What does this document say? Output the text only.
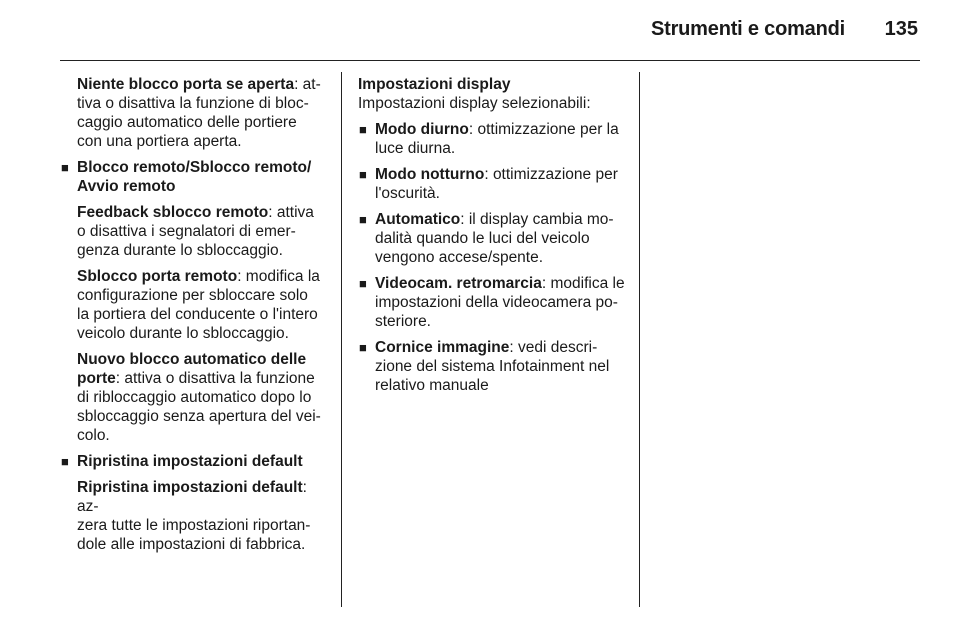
Strumenti e comandi 135
Niente blocco porta se aperta: at-
tiva o disattiva la funzione di bloc-
caggio automatico delle portiere
con una portiera aperta.
■ Blocco remoto/Sblocco remoto/
Avvio remoto
Feedback sblocco remoto: attiva
o disattiva i segnalatori di emer-
genza durante lo sbloccaggio.
Sblocco porta remoto: modifica la
configurazione per sbloccare solo
la portiera del conducente o l'intero
veicolo durante lo sbloccaggio.
Nuovo blocco automatico delle
porte: attiva o disattiva la funzione
di ribloccaggio automatico dopo lo
sbloccaggio senza apertura del vei-
colo.
■ Ripristina impostazioni default
Ripristina impostazioni default: az-
zera tutte le impostazioni riportan-
dole alle impostazioni di fabbrica.
Impostazioni display
Impostazioni display selezionabili:
■ Modo diurno: ottimizzazione per la
luce diurna.
■ Modo notturno: ottimizzazione per
l'oscurità.
■ Automatico: il display cambia mo-
dalità quando le luci del veicolo
vengono accese/spente.
■ Videocam. retromarcia: modifica le
impostazioni della videocamera po-
steriore.
■ Cornice immagine: vedi descri-
zione del sistema Infotainment nel
relativo manuale
